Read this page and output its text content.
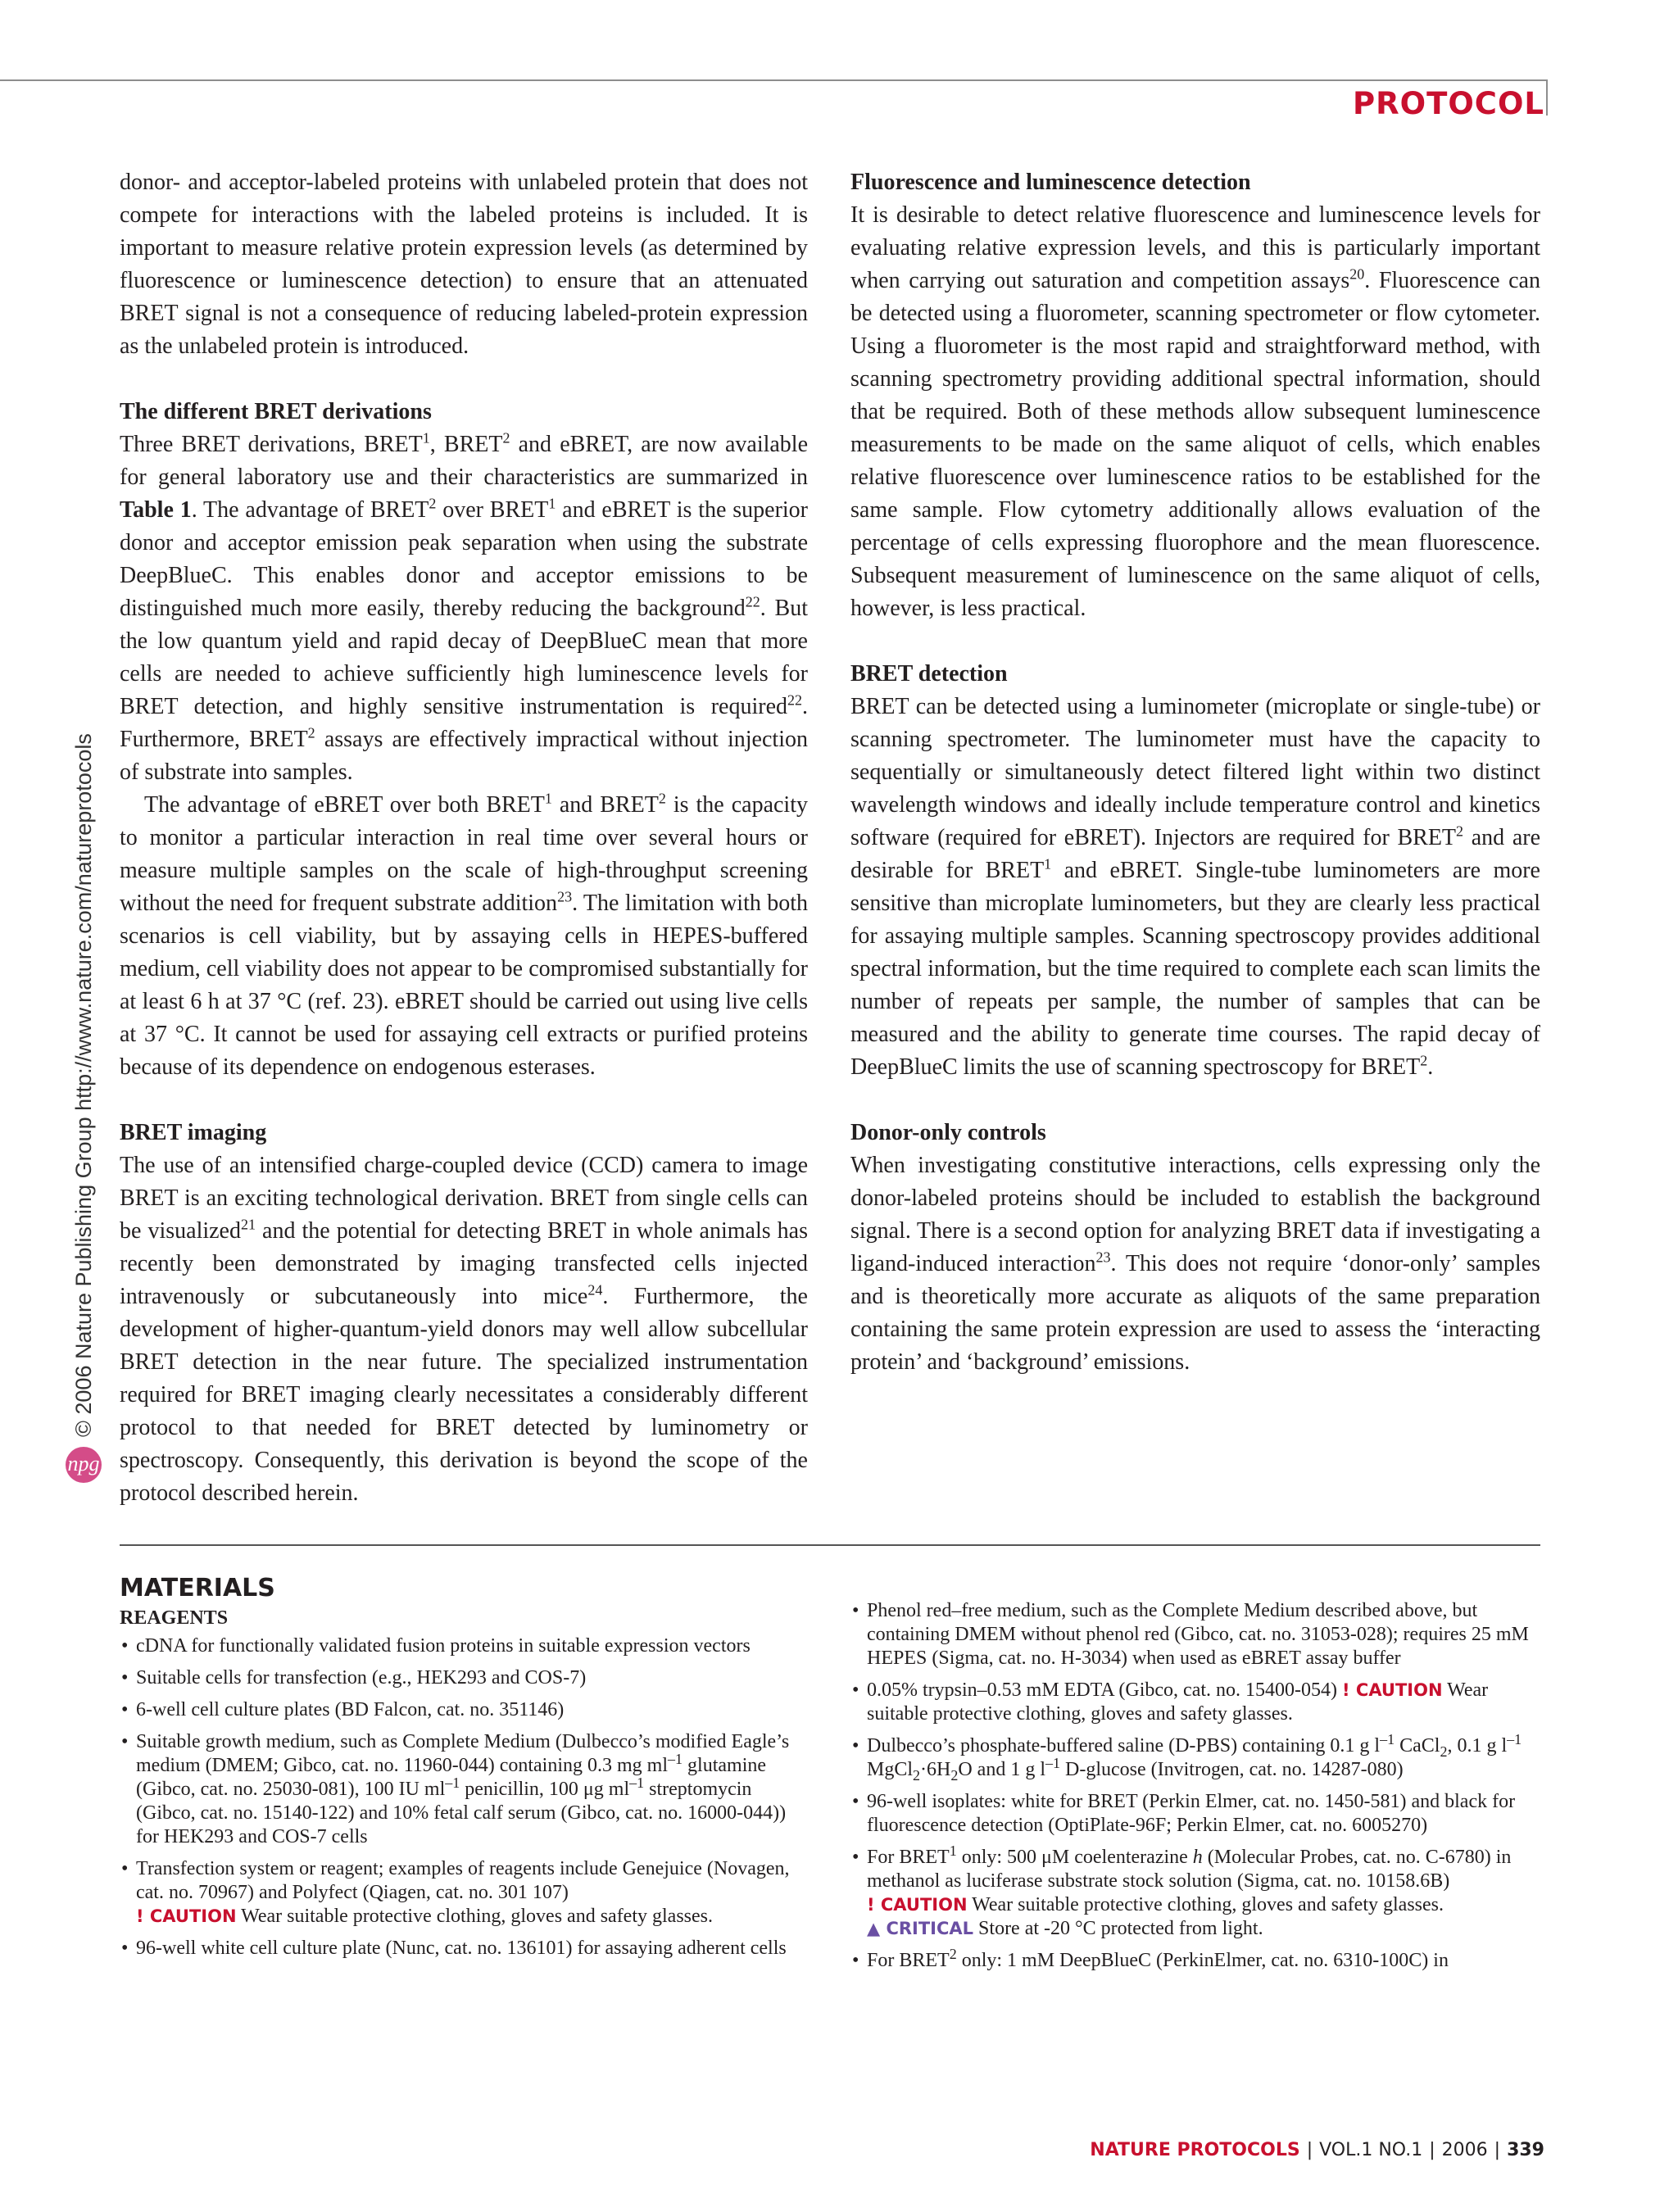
PROTOCOL
npg
© 2006 Nature Publishing Group http://www.nature.com/natureprotocols

donor- and acceptor-labeled proteins with unlabeled protein that does not compete for interactions with the labeled proteins is included. It is important to measure relative protein expression levels (as determined by fluorescence or luminescence detection) to ensure that an attenuated BRET signal is not a consequence of reducing labeled-protein expression as the unlabeled protein is introduced.

The different BRET derivations

Three BRET derivations, BRET$^1$, BRET$^2$ and eBRET, are now available for general laboratory use and their characteristics are summarized in Table 1. The advantage of BRET$^2$ over BRET$^1$ and eBRET is the superior donor and acceptor emission peak separation when using the substrate DeepBlueC. This enables donor and acceptor emissions to be distinguished much more easily, thereby reducing the background$^{22}$. But the low quantum yield and rapid decay of DeepBlueC mean that more cells are needed to achieve sufficiently high luminescence levels for BRET detection, and highly sensitive instrumentation is required$^{22}$. Furthermore, BRET$^2$ assays are effectively impractical without injection of substrate into samples.

The advantage of eBRET over both BRET$^1$ and BRET$^2$ is the capacity to monitor a particular interaction in real time over several hours or measure multiple samples on the scale of high-throughput screening without the need for frequent substrate addition$^{23}$. The limitation with both scenarios is cell viability, but by assaying cells in HEPES-buffered medium, cell viability does not appear to be compromised substantially for at least 6 h at 37 °C (ref. 23). eBRET should be carried out using live cells at 37 °C. It cannot be used for assaying cell extracts or purified proteins because of its dependence on endogenous esterases.

BRET imaging

The use of an intensified charge-coupled device (CCD) camera to image BRET is an exciting technological derivation. BRET from single cells can be visualized$^{21}$ and the potential for detecting BRET in whole animals has recently been demonstrated by imaging transfected cells injected intravenously or subcutaneously into mice$^{24}$. Furthermore, the development of higher-quantum-yield donors may well allow subcellular BRET detection in the near future. The specialized instrumentation required for BRET imaging clearly necessitates a considerably different protocol to that needed for BRET detected by luminometry or spectroscopy. Consequently, this derivation is beyond the scope of the protocol described herein.

Fluorescence and luminescence detection

It is desirable to detect relative fluorescence and luminescence levels for evaluating relative expression levels, and this is particularly important when carrying out saturation and competition assays$^{20}$. Fluorescence can be detected using a fluorometer, scanning spectrometer or flow cytometer. Using a fluorometer is the most rapid and straightforward method, with scanning spectrometry providing additional spectral information, should that be required. Both of these methods allow subsequent luminescence measurements to be made on the same aliquot of cells, which enables relative fluorescence over luminescence ratios to be established for the same sample. Flow cytometry additionally allows evaluation of the percentage of cells expressing fluorophore and the mean fluorescence. Subsequent measurement of luminescence on the same aliquot of cells, however, is less practical.

BRET detection

BRET can be detected using a luminometer (microplate or single-tube) or scanning spectrometer. The luminometer must have the capacity to sequentially or simultaneously detect filtered light within two distinct wavelength windows and ideally include temperature control and kinetics software (required for eBRET). Injectors are required for BRET$^2$ and are desirable for BRET$^1$ and eBRET. Single-tube luminometers are more sensitive than microplate luminometers, but they are clearly less practical for assaying multiple samples. Scanning spectroscopy provides additional spectral information, but the time required to complete each scan limits the number of repeats per sample, the number of samples that can be measured and the ability to generate time courses. The rapid decay of DeepBlueC limits the use of scanning spectroscopy for BRET$^2$.

Donor-only controls

When investigating constitutive interactions, cells expressing only the donor-labeled proteins should be included to establish the background signal. There is a second option for analyzing BRET data if investigating a ligand-induced interaction$^{23}$. This does not require ‘donor-only’ samples and is theoretically more accurate as aliquots of the same preparation containing the same protein expression are used to assess the ‘interacting protein’ and ‘background’ emissions.

MATERIALS
REAGENTS
• cDNA for functionally validated fusion proteins in suitable expression vectors
• Suitable cells for transfection (e.g., HEK293 and COS-7)
• 6-well cell culture plates (BD Falcon, cat. no. 351146)
• Suitable growth medium, such as Complete Medium (Dulbecco’s modified Eagle’s medium (DMEM; Gibco, cat. no. 11960-044) containing 0.3 mg $ml^{-1}$ glutamine (Gibco, cat. no. 25030-081), 100 IU $ml^{-1}$ penicillin, 100 μg $ml^{-1}$ streptomycin (Gibco, cat. no. 15140-122) and 10% fetal calf serum (Gibco, cat. no. 16000-044)) for HEK293 and COS-7 cells
• Transfection system or reagent; examples of reagents include Genejuice (Novagen, cat. no. 70967) and Polyfect (Qiagen, cat. no. 301 107)
! CAUTION Wear suitable protective clothing, gloves and safety glasses.
• 96-well white cell culture plate (Nunc, cat. no. 136101) for assaying adherent cells
• Phenol red–free medium, such as the Complete Medium described above, but containing DMEM without phenol red (Gibco, cat. no. 31053-028); requires 25 mM HEPES (Sigma, cat. no. H-3034) when used as eBRET assay buffer
• 0.05% trypsin–0.53 mM EDTA (Gibco, cat. no. 15400-054) ! CAUTION Wear suitable protective clothing, gloves and safety glasses.
• Dulbecco’s phosphate-buffered saline (D-PBS) containing 0.1 g $l^{-1}$ CaCl$_2$, 0.1 g $l^{-1}$ $MgCl_2\cdot 6H_2O$ and 1 g $l^{-1}$ D-glucose (Invitrogen, cat. no. 14287-080)
• 96-well isoplates: white for BRET (Perkin Elmer, cat. no. 1450-581) and black for fluorescence detection (OptiPlate-96F; Perkin Elmer, cat. no. 6005270)
• For BRET$^1$ only: 500 μM coelenterazine h (Molecular Probes, cat. no. C-6780) in methanol as luciferase substrate stock solution (Sigma, cat. no. 10158.6B)
! CAUTION Wear suitable protective clothing, gloves and safety glasses.
▲ CRITICAL Store at -20 °C protected from light.
• For BRET$^2$ only: 1 mM DeepBlueC (PerkinElmer, cat. no. 6310-100C) in
NATURE PROTOCOLS | VOL.1 NO.1 | 2006 | 339
